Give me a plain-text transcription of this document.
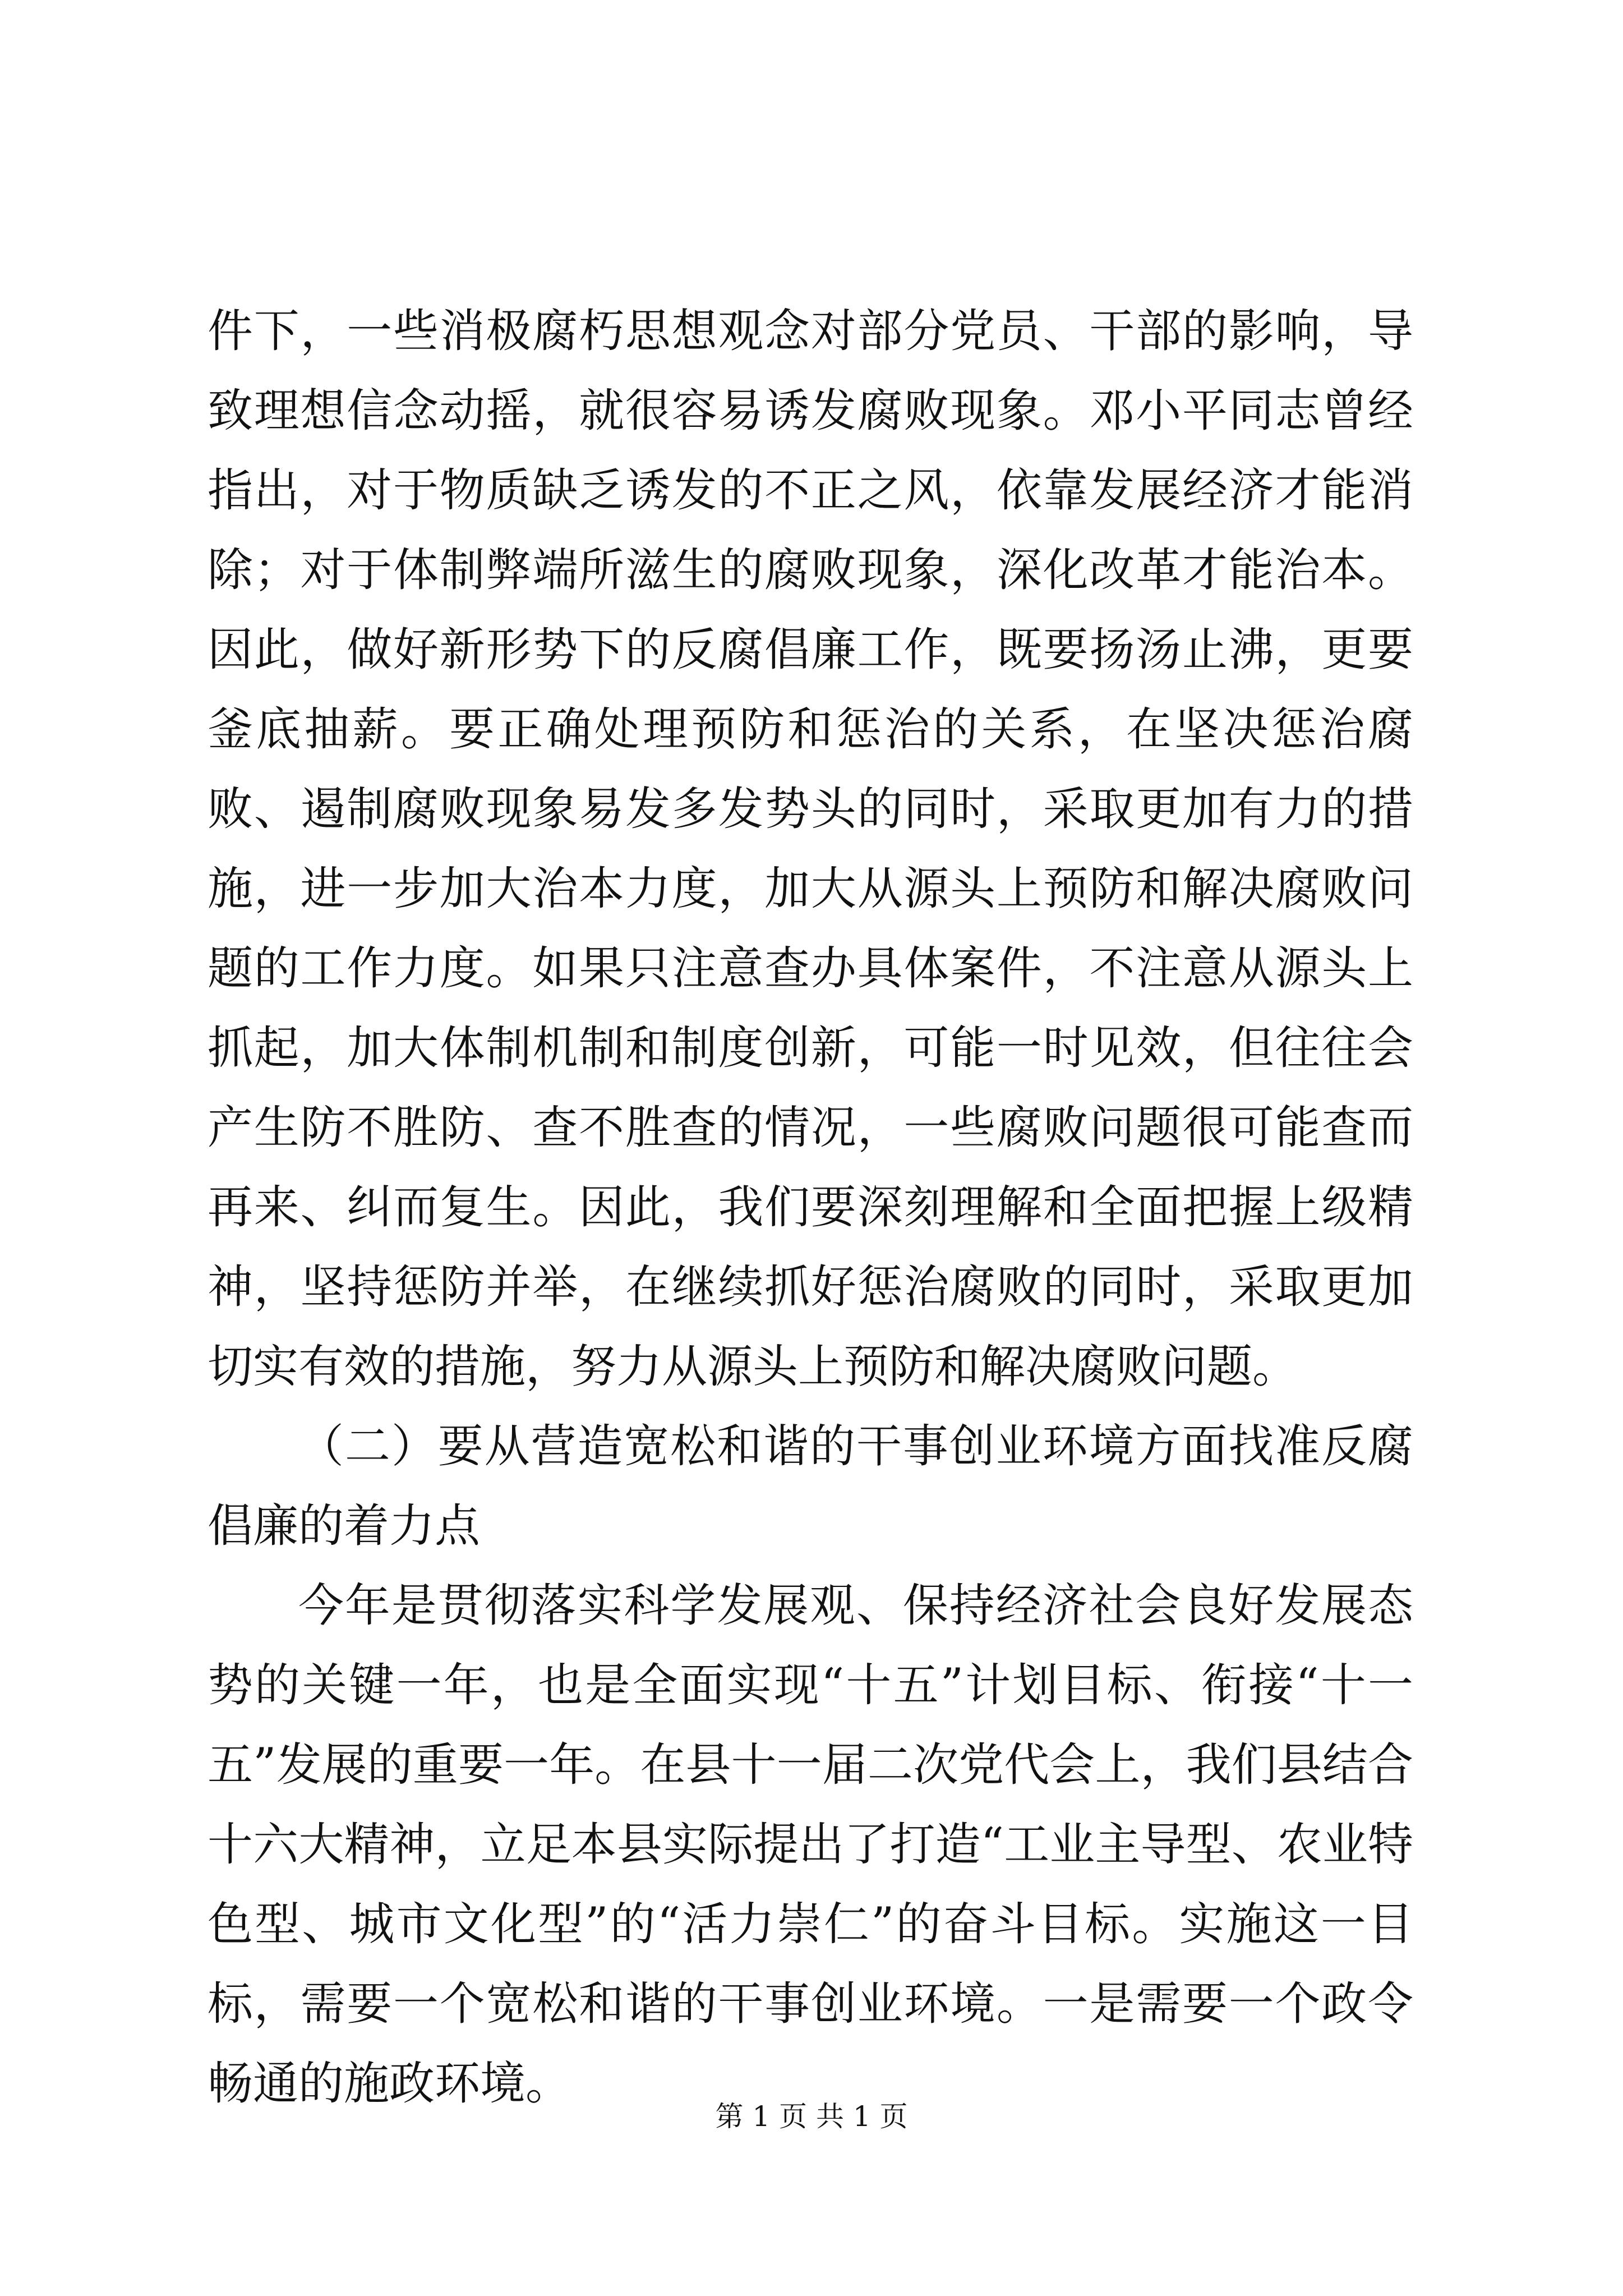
件下，一些消极腐朽思想观念对部分党员、干部的影响，导致理想信念动摇，就很容易诱发腐败现象。邓小平同志曾经指出，对于物质缺乏诱发的不正之风，依靠发展经济才能消除；对于体制弊端所滋生的腐败现象，深化改革才能治本。因此，做好新形势下的反腐倡廉工作，既要扬汤止沸，更要釜底抽薪。要正确处理预防和惩治的关系，在坚决惩治腐败、遏制腐败现象易发多发势头的同时，采取更加有力的措施，进一步加大治本力度，加大从源头上预防和解决腐败问题的工作力度。如果只注意查办具体案件，不注意从源头上抓起，加大体制机制和制度创新，可能一时见效，但往往会产生防不胜防、查不胜查的情况，一些腐败问题很可能查而再来、纠而复生。因此，我们要深刻理解和全面把握上级精神，坚持惩防并举，在继续抓好惩治腐败的同时，采取更加切实有效的措施，努力从源头上预防和解决腐败问题。

（二）要从营造宽松和谐的干事创业环境方面找准反腐倡廉的着力点

今年是贯彻落实科学发展观、保持经济社会良好发展态势的关键一年，也是全面实现“十五”计划目标、衔接“十一五”发展的重要一年。在县十一届二次党代会上，我们县结合十六大精神，立足本县实际提出了打造“工业主导型、农业特色型、城市文化型”的“活力崇仁”的奋斗目标。实施这一目标，需要一个宽松和谐的干事创业环境。一是需要一个政令畅通的施政环境。

第 1 页 共 1 页
